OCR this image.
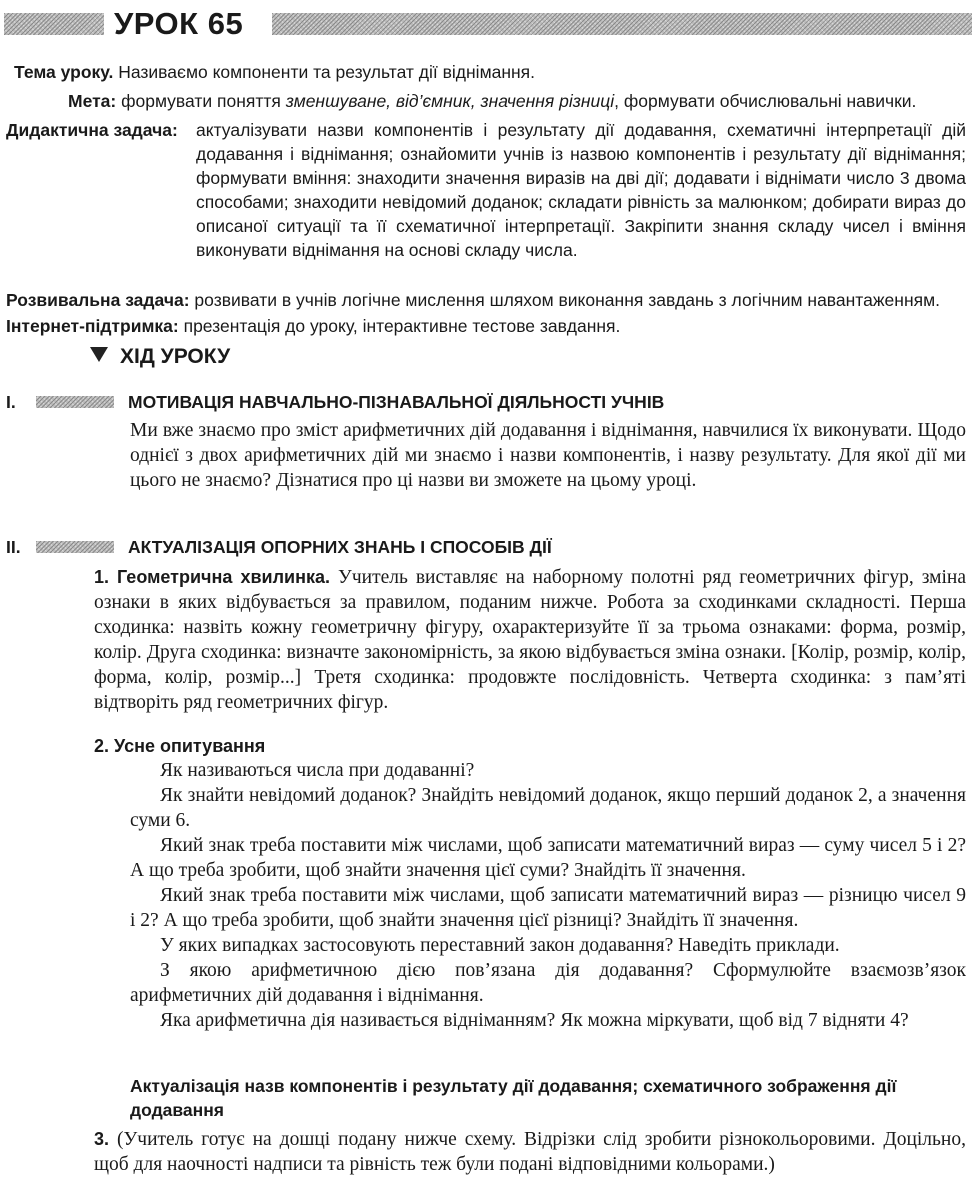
УРОК 65
Тема уроку. Називаємо компоненти та результат дії віднімання.
Мета: формувати поняття зменшуване, від’ємник, значення різниці, формувати обчислювальні навички.
Дидактична задача: актуалізувати назви компонентів і результату дії додавання, схематичні інтерпретації дій додавання і віднімання; ознайомити учнів із назвою компонентів і результату дії віднімання; формувати вміння: знаходити значення виразів на дві дії; додавати і віднімати число 3 двома способами; знаходити невідомий доданок; складати рівність за малюнком; добирати вираз до описаної ситуації та її схематичної інтерпретації. Закріпити знання складу чисел і вміння виконувати віднімання на основі складу числа.
Розвивальна задача: розвивати в учнів логічне мислення шляхом виконання завдань з логічним навантаженням.
Інтернет-підтримка: презентація до уроку, інтерактивне тестове завдання.
ХІД УРОКУ
I.	МОТИВАЦІЯ НАВЧАЛЬНО-ПІЗНАВАЛЬНОЇ ДІЯЛЬНОСТІ УЧНІВ
Ми вже знаємо про зміст арифметичних дій додавання і віднімання, навчилися їх виконувати. Щодо однієї з двох арифметичних дій ми знаємо і назви компонентів, і назву результату. Для якої дії ми цього не знаємо? Дізнатися про ці назви ви зможете на цьому уроці.
II.	АКТУАЛІЗАЦІЯ ОПОРНИХ ЗНАНЬ І СПОСОБІВ ДІЇ
1. Геометрична хвилинка. Учитель виставляє на наборному полотні ряд геометричних фігур, зміна ознаки в яких відбувається за правилом, поданим нижче. Робота за сходинками складності. Перша сходинка: назвіть кожну геометричну фігуру, охарактеризуйте її за трьома ознаками: форма, розмір, колір. Друга сходинка: визначте закономірність, за якою відбувається зміна ознаки. [Колір, розмір, колір, форма, колір, розмір...] Третя сходинка: продовжте послідовність. Четверта сходинка: з пам’яті відтворіть ряд геометричних фігур.
2. Усне опитування
Як називаються числа при додаванні?
Як знайти невідомий доданок? Знайдіть невідомий доданок, якщо перший доданок 2, а значення суми 6.
Який знак треба поставити між числами, щоб записати математичний вираз — суму чисел 5 і 2? А що треба зробити, щоб знайти значення цієї суми? Знайдіть її значення.
Який знак треба поставити між числами, щоб записати математичний вираз — різницю чисел 9 і 2? А що треба зробити, щоб знайти значення цієї різниці? Знайдіть її значення.
У яких випадках застосовують переставний закон додавання? Наведіть приклади.
З якою арифметичною дією пов’язана дія додавання? Сформулюйте взаємозв’язок арифметичних дій додавання і віднімання.
Яка арифметична дія називається відніманням? Як можна міркувати, щоб від 7 відняти 4?
Актуалізація назв компонентів і результату дії додавання; схематичного зображення дії додавання
3. (Учитель готує на дошці подану нижче схему. Відрізки слід зробити різнокольоровими. Доцільно, щоб для наочності надписи та рівність теж були подані відповідними кольорами.)
